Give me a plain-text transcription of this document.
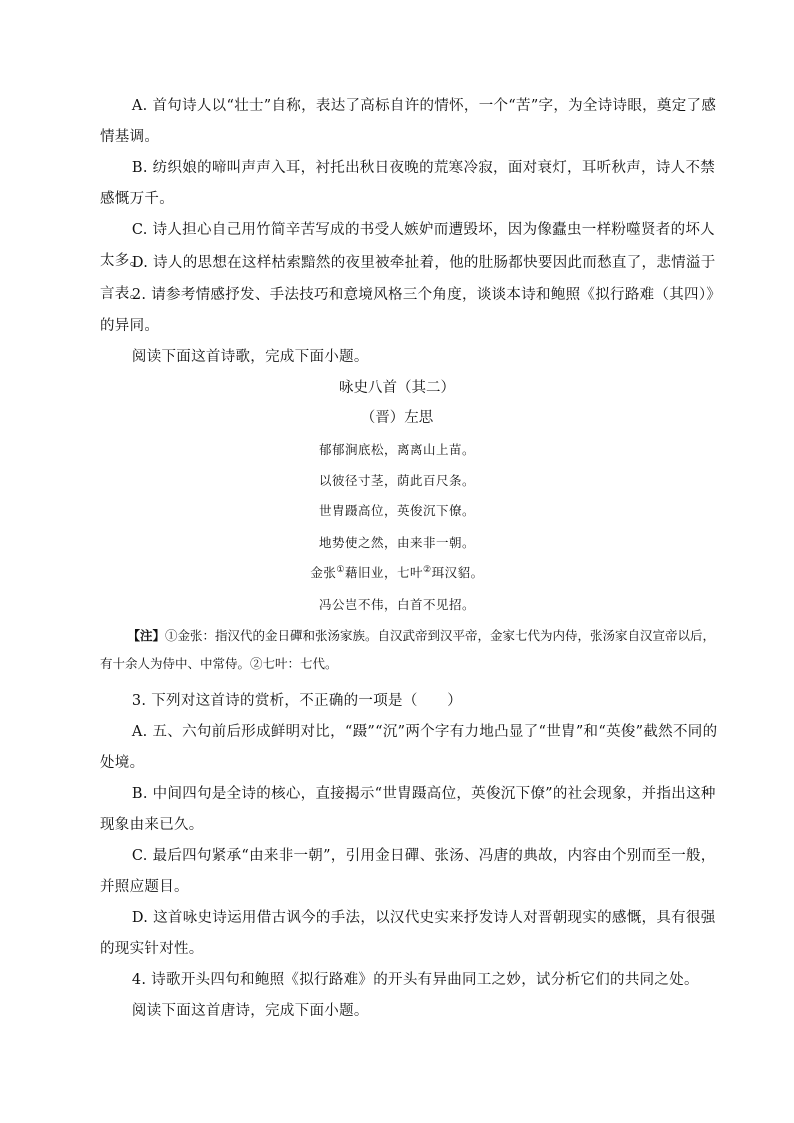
A. 首句诗人以“壮士”自称，表达了高标自许的情怀，一个“苦”字，为全诗诗眼，奠定了感情基调。

B. 纺织娘的啼叫声声入耳，衬托出秋日夜晚的荒寒冷寂，面对衰灯，耳听秋声，诗人不禁感慨万千。

C. 诗人担心自己用竹简辛苦写成的书受人嫉妒而遭毁坏，因为像蠹虫一样粉噬贤者的坏人太多。

D. 诗人的思想在这样枯索黯然的夜里被牵扯着，他的肚肠都快要因此而愁直了，悲情溢于言表。

2. 请参考情感抒发、手法技巧和意境风格三个角度，谈谈本诗和鲍照《拟行路难（其四）》的异同。

阅读下面这首诗歌，完成下面小题。

咏史八首（其二）

（晋）左思

郁郁涧底松，离离山上苗。

以彼径寸茎，荫此百尺条。

世胄蹑高位，英俊沉下僚。

地势使之然，由来非一朝。

金张①藉旧业，七叶②珥汉貂。

冯公岂不伟，白首不见招。

【注】①金张：指汉代的金日磾和张汤家族。自汉武帝到汉平帝，金家七代为内侍，张汤家自汉宣帝以后，有十余人为侍中、中常侍。②七叶：七代。

3. 下列对这首诗的赏析，不正确的一项是（　　）

A. 五、六句前后形成鲜明对比，“蹑”“沉”两个字有力地凸显了“世胄”和“英俊”截然不同的处境。

B. 中间四句是全诗的核心，直接揭示“世胄蹑高位，英俊沉下僚”的社会现象，并指出这种现象由来已久。

C. 最后四句紧承“由来非一朝”，引用金日磾、张汤、冯唐的典故，内容由个别而至一般，并照应题目。

D. 这首咏史诗运用借古讽今的手法，以汉代史实来抒发诗人对晋朝现实的感慨，具有很强的现实针对性。

4. 诗歌开头四句和鲍照《拟行路难》的开头有异曲同工之妙，试分析它们的共同之处。

阅读下面这首唐诗，完成下面小题。
